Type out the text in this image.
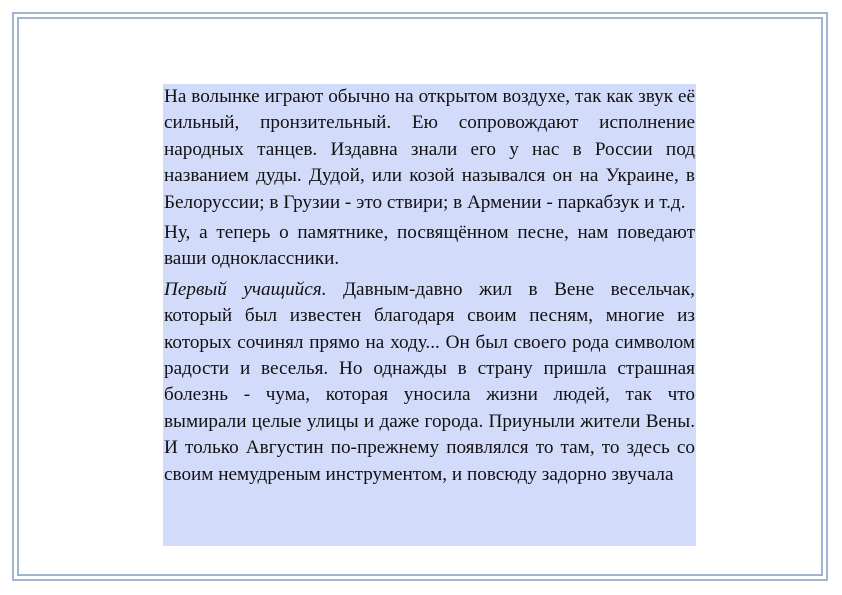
На волынке играют обычно на открытом воздухе, так как звук её сильный, пронзительный. Ею сопровождают исполнение народных танцев. Издавна знали его у нас в России под названием дуды. Дудой, или козой назывался он на Украине, в Белоруссии; в Грузии - это ствири; в Армении - паркабзук и т.д.

Ну, а теперь о памятнике, посвящённом песне, нам поведают ваши одноклассники.

Первый учащийся. Давным-давно жил в Вене весельчак, который был известен благодаря своим песням, многие из которых сочинял прямо на ходу... Он был своего рода символом радости и веселья. Но однажды в страну пришла страшная болезнь - чума, которая уносила жизни людей, так что вымирали целые улицы и даже города. Приуныли жители Вены. И только Августин по-прежнему появлялся то там, то здесь со своим немудреным инструментом, и повсюду задорно звучала
